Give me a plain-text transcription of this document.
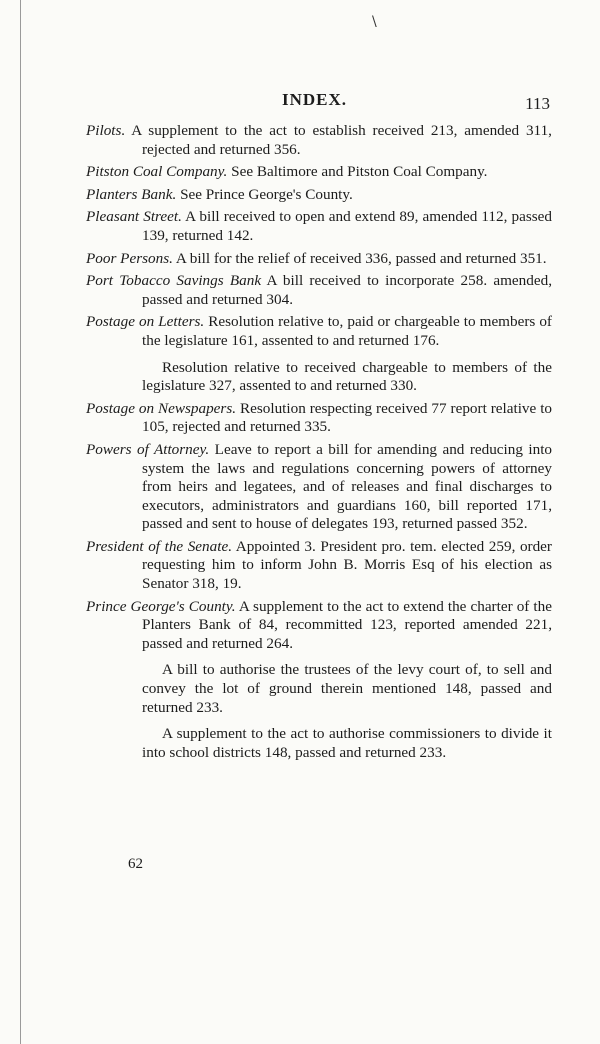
\
INDEX.	113

Pilots. A supplement to the act to establish received 213, amended 311, rejected and returned 356.

Pitston Coal Company. See Baltimore and Pitston Coal Company.

Planters Bank. See Prince George's County.

Pleasant Street. A bill received to open and extend 89, amended 112, passed 139, returned 142.

Poor Persons. A bill for the relief of received 336, passed and returned 351.

Port Tobacco Savings Bank A bill received to incorporate 258. amended, passed and returned 304.

Postage on Letters. Resolution relative to, paid or chargeable to members of the legislature 161, assented to and returned 176.

Resolution relative to received chargeable to members of the legislature 327, assented to and returned 330.

Postage on Newspapers. Resolution respecting received 77 report relative to 105, rejected and returned 335.

Powers of Attorney. Leave to report a bill for amending and reducing into system the laws and regulations concerning powers of attorney from heirs and legatees, and of releases and final discharges to executors, administrators and guardians 160, bill reported 171, passed and sent to house of delegates 193, returned passed 352.

President of the Senate. Appointed 3. President pro. tem. elected 259, order requesting him to inform John B. Morris Esq of his election as Senator 318, 19.

Prince George's County. A supplement to the act to extend the charter of the Planters Bank of 84, recommitted 123, reported amended 221, passed and returned 264.

A bill to authorise the trustees of the levy court of, to sell and convey the lot of ground therein mentioned 148, passed and returned 233.

A supplement to the act to authorise commissioners to divide it into school districts 148, passed and returned 233.

62
